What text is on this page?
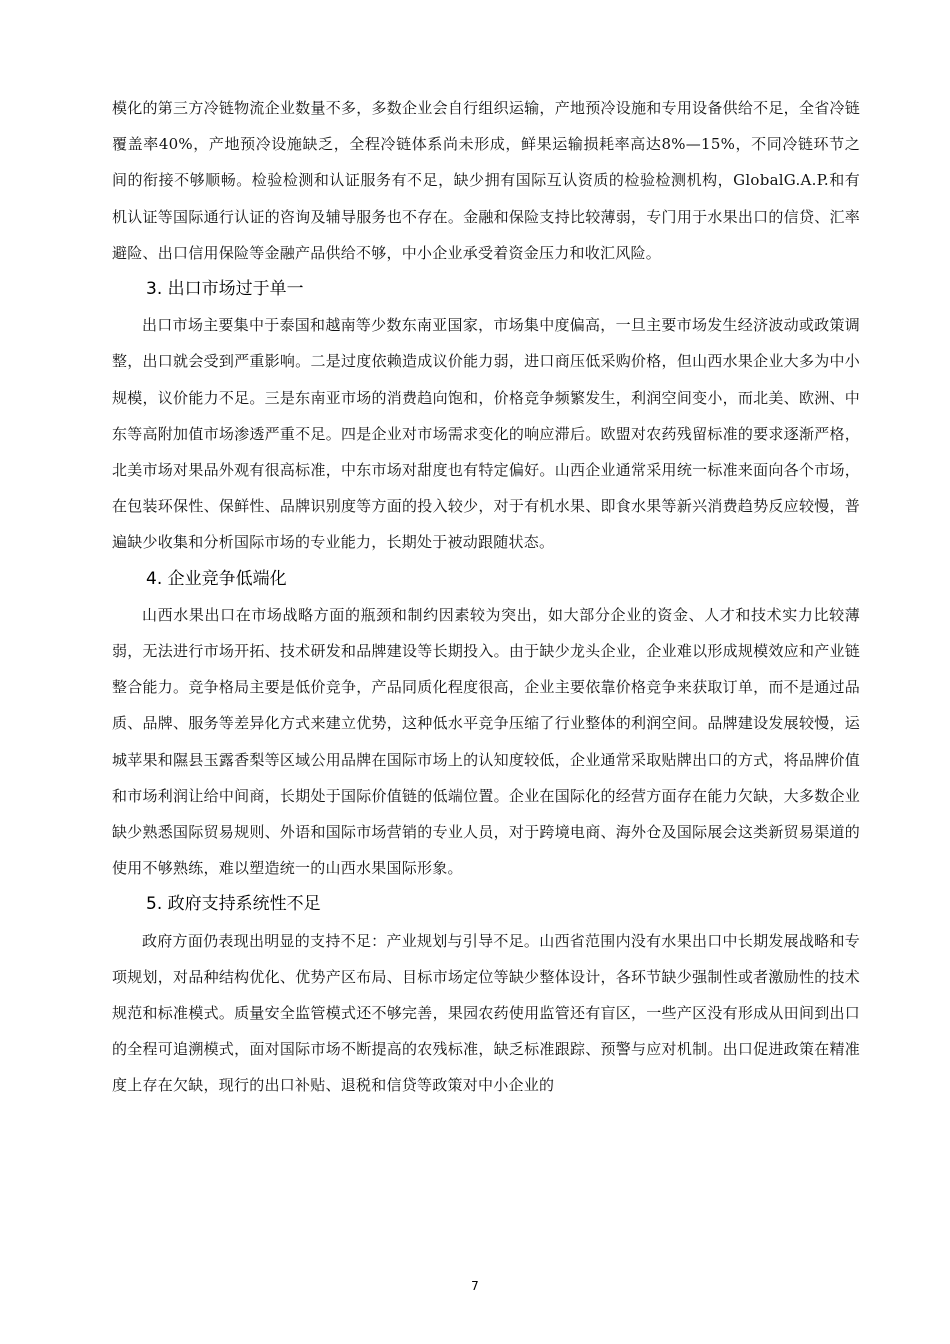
模化的第三方冷链物流企业数量不多，多数企业会自行组织运输，产地预冷设施和专用设备供给不足，全省冷链覆盖率40%，产地预冷设施缺乏，全程冷链体系尚未形成，鲜果运输损耗率高达8%—15%，不同冷链环节之间的衔接不够顺畅。检验检测和认证服务有不足，缺少拥有国际互认资质的检验检测机构，GlobalG.A.P.和有机认证等国际通行认证的咨询及辅导服务也不存在。金融和保险支持比较薄弱，专门用于水果出口的信贷、汇率避险、出口信用保险等金融产品供给不够，中小企业承受着资金压力和收汇风险。

3. 出口市场过于单一

出口市场主要集中于泰国和越南等少数东南亚国家，市场集中度偏高，一旦主要市场发生经济波动或政策调整，出口就会受到严重影响。二是过度依赖造成议价能力弱，进口商压低采购价格，但山西水果企业大多为中小规模，议价能力不足。三是东南亚市场的消费趋向饱和，价格竞争频繁发生，利润空间变小，而北美、欧洲、中东等高附加值市场渗透严重不足。四是企业对市场需求变化的响应滞后。欧盟对农药残留标准的要求逐渐严格，北美市场对果品外观有很高标准，中东市场对甜度也有特定偏好。山西企业通常采用统一标准来面向各个市场，在包装环保性、保鲜性、品牌识别度等方面的投入较少，对于有机水果、即食水果等新兴消费趋势反应较慢，普遍缺少收集和分析国际市场的专业能力，长期处于被动跟随状态。

4. 企业竞争低端化

山西水果出口在市场战略方面的瓶颈和制约因素较为突出，如大部分企业的资金、人才和技术实力比较薄弱，无法进行市场开拓、技术研发和品牌建设等长期投入。由于缺少龙头企业，企业难以形成规模效应和产业链整合能力。竞争格局主要是低价竞争，产品同质化程度很高，企业主要依靠价格竞争来获取订单，而不是通过品质、品牌、服务等差异化方式来建立优势，这种低水平竞争压缩了行业整体的利润空间。品牌建设发展较慢，运城苹果和隰县玉露香梨等区域公用品牌在国际市场上的认知度较低，企业通常采取贴牌出口的方式，将品牌价值和市场利润让给中间商，长期处于国际价值链的低端位置。企业在国际化的经营方面存在能力欠缺，大多数企业缺少熟悉国际贸易规则、外语和国际市场营销的专业人员，对于跨境电商、海外仓及国际展会这类新贸易渠道的使用不够熟练，难以塑造统一的山西水果国际形象。

5. 政府支持系统性不足

政府方面仍表现出明显的支持不足：产业规划与引导不足。山西省范围内没有水果出口中长期发展战略和专项规划，对品种结构优化、优势产区布局、目标市场定位等缺少整体设计，各环节缺少强制性或者激励性的技术规范和标准模式。质量安全监管模式还不够完善，果园农药使用监管还有盲区，一些产区没有形成从田间到出口的全程可追溯模式，面对国际市场不断提高的农残标准，缺乏标准跟踪、预警与应对机制。出口促进政策在精准度上存在欠缺，现行的出口补贴、退税和信贷等政策对中小企业的

7
